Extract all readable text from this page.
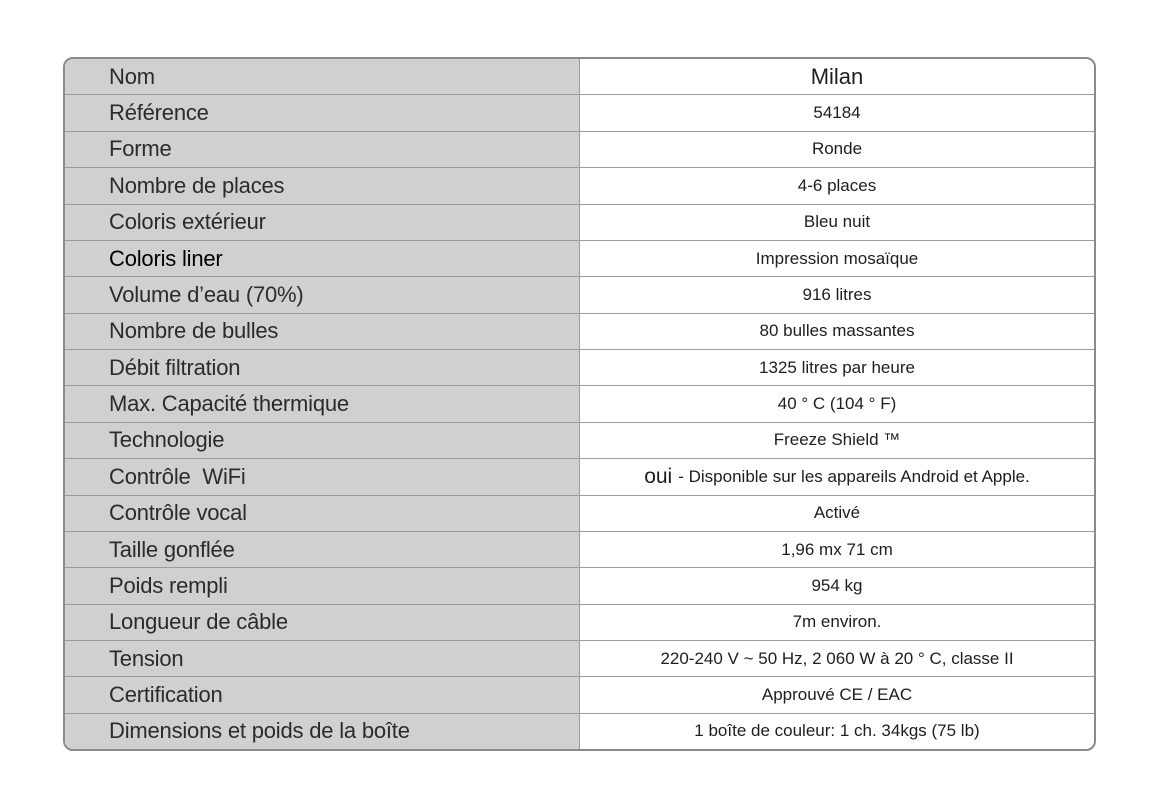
Nom	Milan
Référence	54184
Forme	Ronde
Nombre de places	4-6 places
Coloris extérieur	Bleu nuit
Coloris liner	Impression mosaïque
Volume d’eau (70%)	916 litres
Nombre de bulles	80 bulles massantes
Débit filtration	1325 litres par heure
Max. Capacité thermique	40 ° C (104 ° F)
Technologie	Freeze Shield ™
Contrôle  WiFi	oui - Disponible sur les appareils Android et Apple.
Contrôle vocal	Activé
Taille gonflée	1,96 mx 71 cm
Poids rempli	954 kg
Longueur de câble	7m environ.
Tension	220-240 V ~ 50 Hz, 2 060 W à 20 ° C, classe II
Certification	Approuvé CE / EAC
Dimensions et poids de la boîte	1 boîte de couleur: 1 ch. 34kgs (75 lb)
